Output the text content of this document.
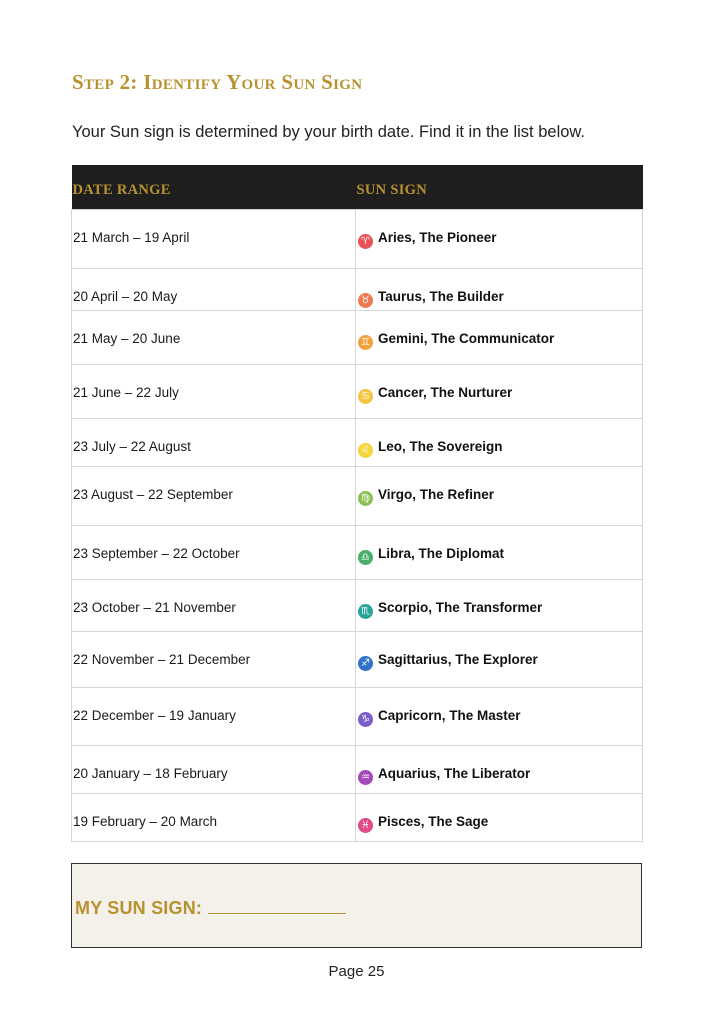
Step 2: Identify Your Sun Sign

Your Sun sign is determined by your birth date. Find it in the list below.

DATE RANGE	SUN SIGN
21 March – 19 April	♈ Aries, The Pioneer
20 April – 20 May	♉ Taurus, The Builder
21 May – 20 June	♊ Gemini, The Communicator
21 June – 22 July	♋ Cancer, The Nurturer
23 July – 22 August	♌ Leo, The Sovereign
23 August – 22 September	♍ Virgo, The Refiner
23 September – 22 October	♎ Libra, The Diplomat
23 October – 21 November	♏ Scorpio, The Transformer
22 November – 21 December	♐ Sagittarius, The Explorer
22 December – 19 January	♑ Capricorn, The Master
20 January – 18 February	♒ Aquarius, The Liberator
19 February – 20 March	♓ Pisces, The Sage
MY SUN SIGN:
Page 25
